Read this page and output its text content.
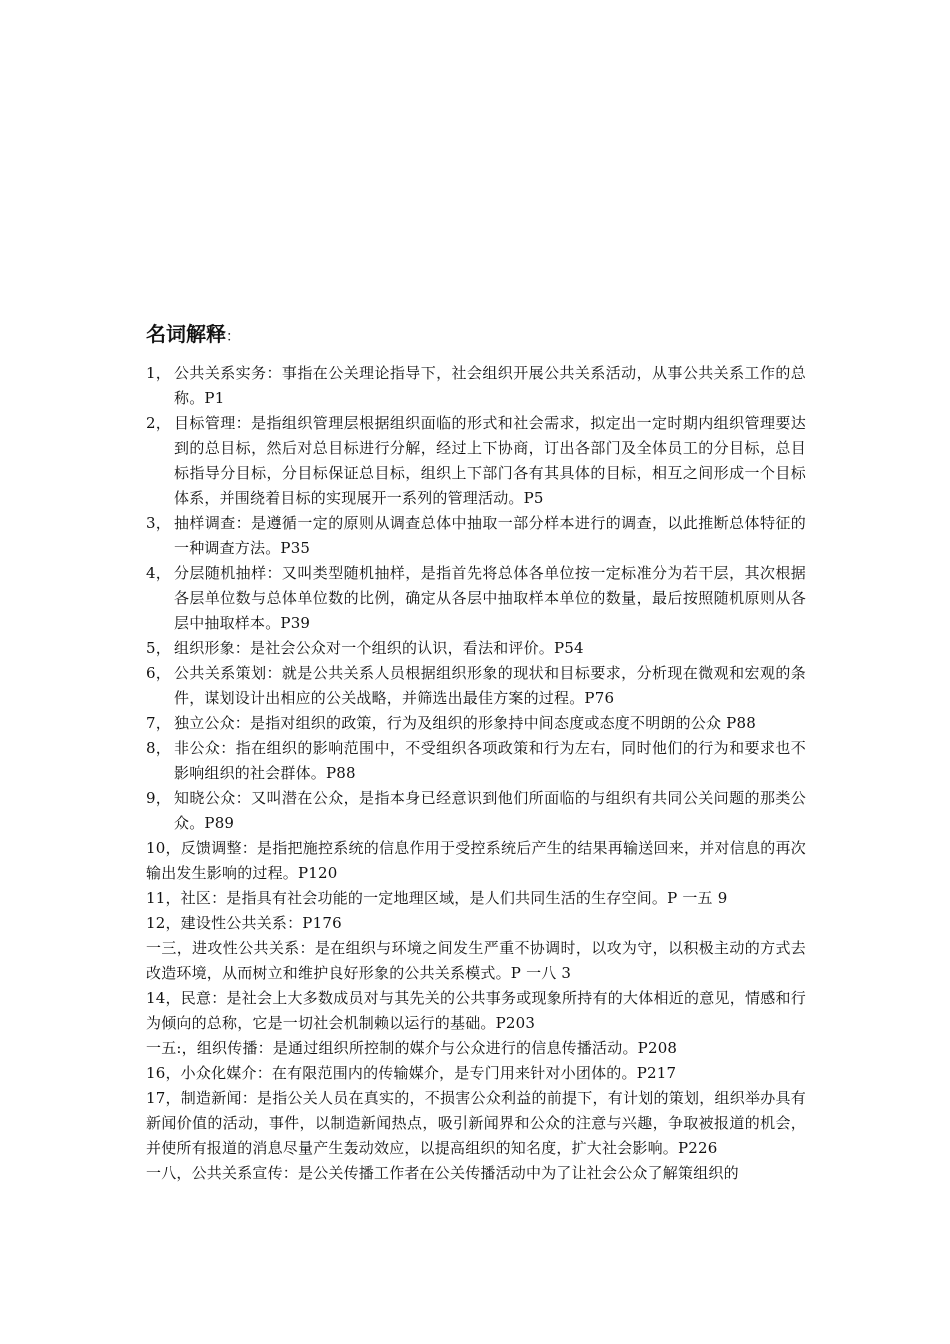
名词解释：
1， 公共关系实务：事指在公关理论指导下，社会组织开展公共关系活动，从事公共关系工作的总称。P1
2， 目标管理：是指组织管理层根据组织面临的形式和社会需求，拟定出一定时期内组织管理要达到的总目标，然后对总目标进行分解，经过上下协商，订出各部门及全体员工的分目标，总目标指导分目标，分目标保证总目标，组织上下部门各有其具体的目标，相互之间形成一个目标体系，并围绕着目标的实现展开一系列的管理活动。P5
3， 抽样调查：是遵循一定的原则从调查总体中抽取一部分样本进行的调查，以此推断总体特征的一种调查方法。P35
4， 分层随机抽样：又叫类型随机抽样，是指首先将总体各单位按一定标准分为若干层，其次根据各层单位数与总体单位数的比例，确定从各层中抽取样本单位的数量，最后按照随机原则从各层中抽取样本。P39
5， 组织形象：是社会公众对一个组织的认识，看法和评价。P54
6， 公共关系策划：就是公共关系人员根据组织形象的现状和目标要求，分析现在微观和宏观的条件，谋划设计出相应的公关战略，并筛选出最佳方案的过程。P76
7， 独立公众：是指对组织的政策，行为及组织的形象持中间态度或态度不明朗的公众 P88
8， 非公众：指在组织的影响范围中，不受组织各项政策和行为左右，同时他们的行为和要求也不影响组织的社会群体。P88
9， 知晓公众：又叫潜在公众，是指本身已经意识到他们所面临的与组织有共同公关问题的那类公众。P89
10，反馈调整：是指把施控系统的信息作用于受控系统后产生的结果再输送回来，并对信息的再次输出发生影响的过程。P120
11，社区：是指具有社会功能的一定地理区域，是人们共同生活的生存空间。P 一五 9
12，建设性公共关系：P176
一三，进攻性公共关系：是在组织与环境之间发生严重不协调时，以攻为守，以积极主动的方式去改造环境，从而树立和维护良好形象的公共关系模式。P 一八 3
14，民意：是社会上大多数成员对与其先关的公共事务或现象所持有的大体相近的意见，情感和行为倾向的总称，它是一切社会机制赖以运行的基础。P203
一五:，组织传播：是通过组织所控制的媒介与公众进行的信息传播活动。P208
16，小众化媒介：在有限范围内的传输媒介，是专门用来针对小团体的。P217
17，制造新闻：是指公关人员在真实的，不损害公众利益的前提下，有计划的策划，组织举办具有新闻价值的活动，事件，以制造新闻热点，吸引新闻界和公众的注意与兴趣，争取被报道的机会，并使所有报道的消息尽量产生轰动效应，以提高组织的知名度，扩大社会影响。P226
一八，公共关系宣传：是公关传播工作者在公关传播活动中为了让社会公众了解策组织的
